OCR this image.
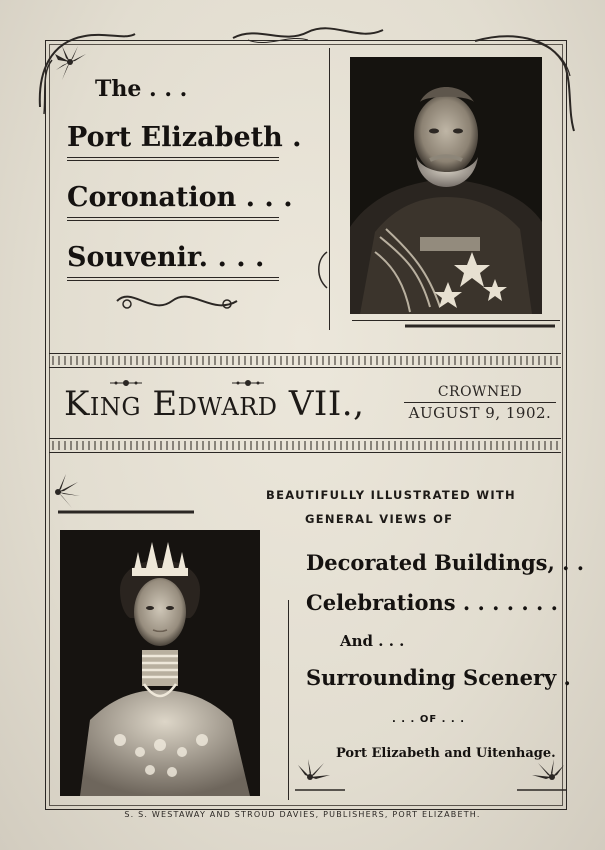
The . . .
Port Elizabeth .
Coronation . . .
Souvenir. . . .
King Edward VII.,	CROWNED
AUGUST 9, 1902.
BEAUTIFULLY ILLUSTRATED WITH
GENERAL VIEWS OF
Decorated Buildings, . .
Celebrations . . . . . . .
And . . .
Surrounding Scenery .
. . . OF . . .
Port Elizabeth and Uitenhage.
S. S. WESTAWAY AND STROUD DAVIES, PUBLISHERS, PORT ELIZABETH.
